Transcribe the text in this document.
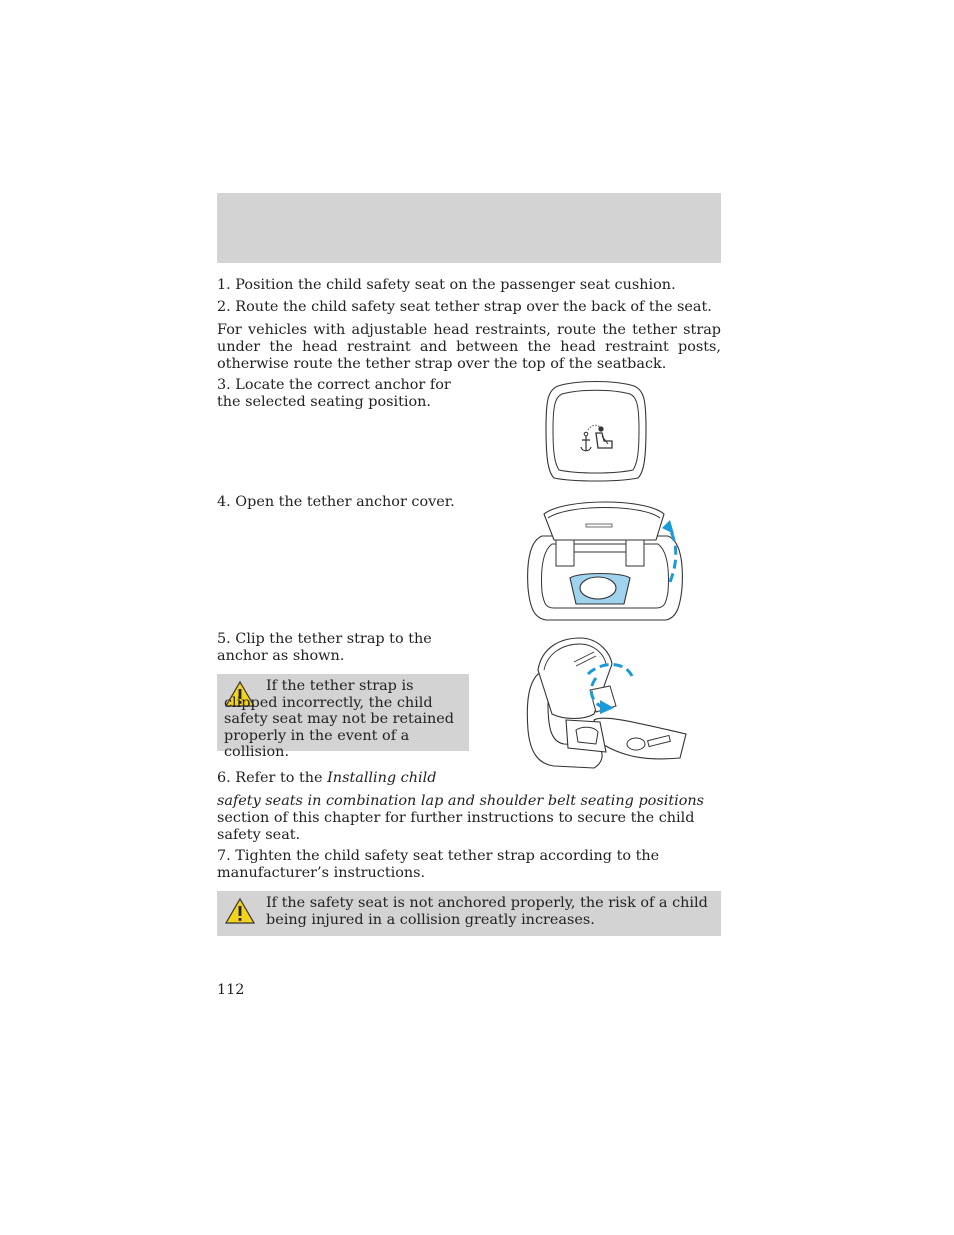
1. Position the child safety seat on the passenger seat cushion.

2. Route the child safety seat tether strap over the back of the seat.

For vehicles with adjustable head restraints, route the tether strap under the head restraint and between the head restraint posts, otherwise route the tether strap over the top of the seatback.

3. Locate the correct anchor for the selected seating position.

4. Open the tether anchor cover.

5. Clip the tether strap to the anchor as shown.

If the tether strap is clipped incorrectly, the child safety seat may not be retained properly in the event of a collision.

6. Refer to the Installing child

safety seats in combination lap and shoulder belt seating positions section of this chapter for further instructions to secure the child safety seat.

7. Tighten the child safety seat tether strap according to the manufacturer’s instructions.

If the safety seat is not anchored properly, the risk of a child being injured in a collision greatly increases.
112
